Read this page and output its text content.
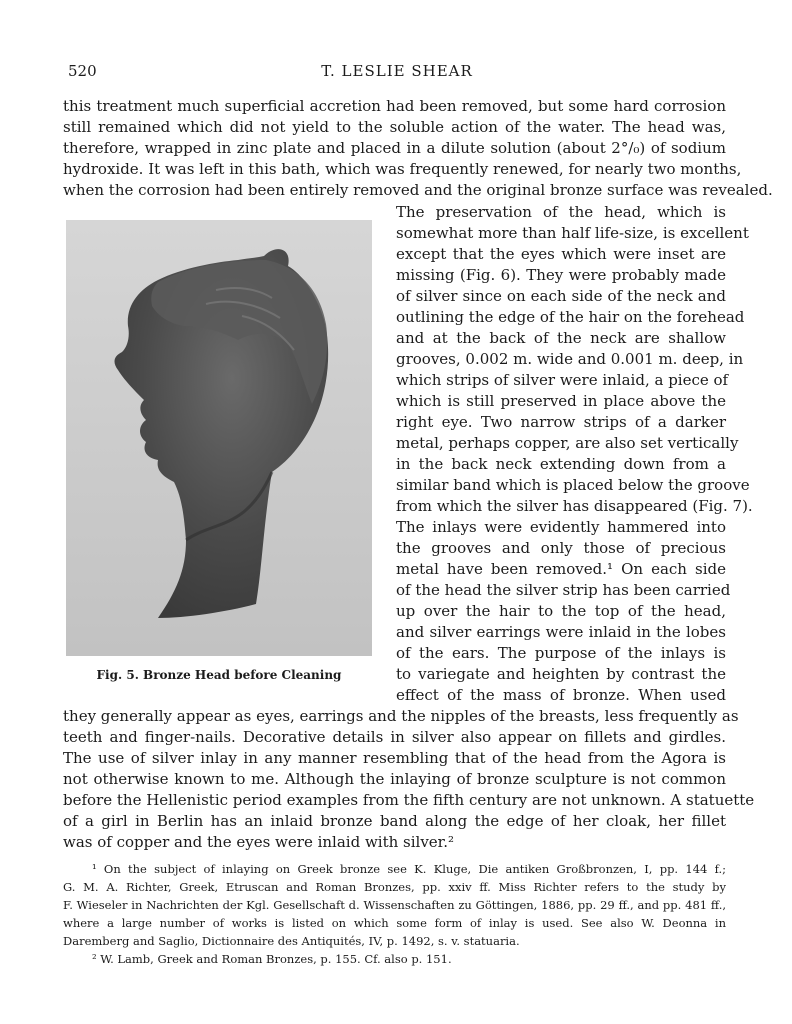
520	T. LESLIE SHEAR
this treatment much superficial accretion had been removed, but some hard corrosion
still remained which did not yield to the soluble action of the water. The head was,
therefore, wrapped in zinc plate and placed in a dilute solution (about 2°/₀) of sodium
hydroxide. It was left in this bath, which was frequently renewed, for nearly two months,
when the corrosion had been entirely removed and the original bronze surface was revealed.
Fig. 5. Bronze Head before Cleaning
The preservation of the head, which is
somewhat more than half life-size, is excellent
except that the eyes which were inset are
missing (Fig. 6). They were probably made
of silver since on each side of the neck and
outlining the edge of the hair on the forehead
and at the back of the neck are shallow
grooves, 0.002 m. wide and 0.001 m. deep, in
which strips of silver were inlaid, a piece of
which is still preserved in place above the
right eye. Two narrow strips of a darker
metal, perhaps copper, are also set vertically
in the back neck extending down from a
similar band which is placed below the groove
from which the silver has disappeared (Fig. 7).
The inlays were evidently hammered into
the grooves and only those of precious
metal have been removed.¹ On each side
of the head the silver strip has been carried
up over the hair to the top of the head,
and silver earrings were inlaid in the lobes
of the ears. The purpose of the inlays is
to variegate and heighten by contrast the
effect of the mass of bronze. When used
they generally appear as eyes, earrings and the nipples of the breasts, less frequently as
teeth and finger-nails. Decorative details in silver also appear on fillets and girdles.
The use of silver inlay in any manner resembling that of the head from the Agora is
not otherwise known to me. Although the inlaying of bronze sculpture is not common
before the Hellenistic period examples from the fifth century are not unknown. A statuette
of a girl in Berlin has an inlaid bronze band along the edge of her cloak, her fillet
was of copper and the eyes were inlaid with silver.²
¹ On the subject of inlaying on Greek bronze see K. Kluge, Die antiken Großbronzen, I, pp. 144 f.;
G. M. A. Richter, Greek, Etruscan and Roman Bronzes, pp. xxiv ff. Miss Richter refers to the study by
F. Wieseler in Nachrichten der Kgl. Gesellschaft d. Wissenschaften zu Göttingen, 1886, pp. 29 ff., and pp. 481 ff.,
where a large number of works is listed on which some form of inlay is used. See also W. Deonna in
Daremberg and Saglio, Dictionnaire des Antiquités, IV, p. 1492, s. v. statuaria.
² W. Lamb, Greek and Roman Bronzes, p. 155. Cf. also p. 151.
